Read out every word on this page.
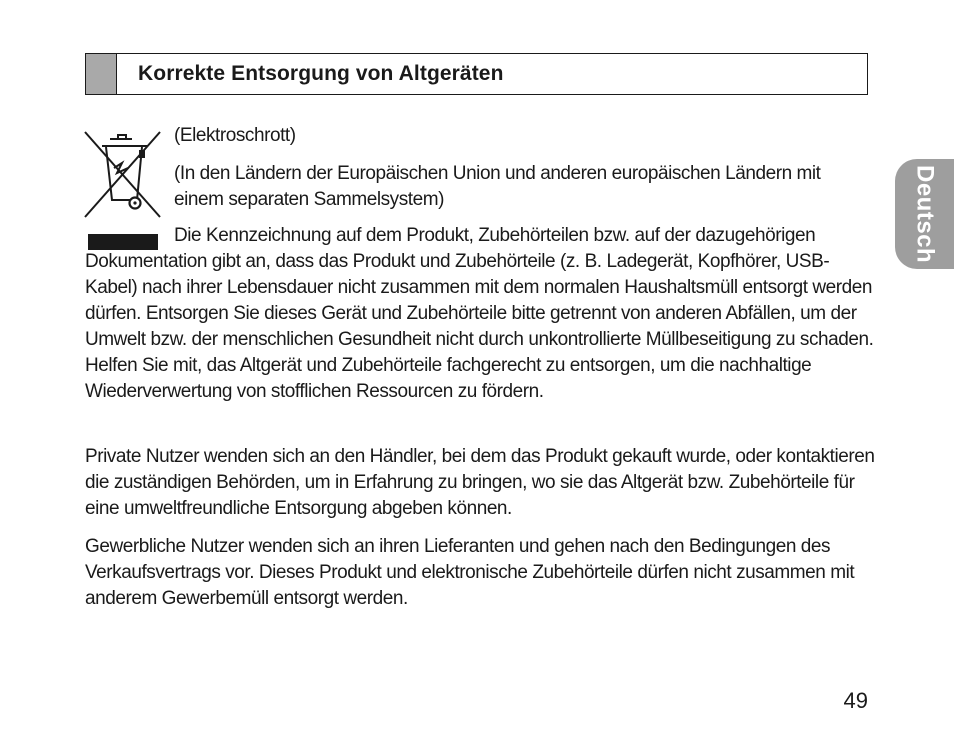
Korrekte Entsorgung von Altgeräten
Deutsch

(Elektroschrott)

(In den Ländern der Europäischen Union und anderen europäischen Ländern mit einem separaten Sammelsystem)

Die Kennzeichnung auf dem Produkt, Zubehörteilen bzw. auf der dazugehörigen Dokumentation gibt an, dass das Produkt und Zubehörteile (z. B. Ladegerät, Kopfhörer, USB-Kabel) nach ihrer Lebensdauer nicht zusammen mit dem normalen Haushaltsmüll entsorgt werden dürfen. Entsorgen Sie dieses Gerät und Zubehörteile bitte getrennt von anderen Abfällen, um der Umwelt bzw. der menschlichen Gesundheit nicht durch unkontrollierte Müllbeseitigung zu schaden. Helfen Sie mit, das Altgerät und Zubehörteile fachgerecht zu entsorgen, um die nachhaltige Wiederverwertung von stofflichen Ressourcen zu fördern.

Private Nutzer wenden sich an den Händler, bei dem das Produkt gekauft wurde, oder kontaktieren die zuständigen Behörden, um in Erfahrung zu bringen, wo sie das Altgerät bzw. Zubehörteile für eine umweltfreundliche Entsorgung abgeben können.

Gewerbliche Nutzer wenden sich an ihren Lieferanten und gehen nach den Bedingungen des Verkaufsvertrags vor. Dieses Produkt und elektronische Zubehörteile dürfen nicht zusammen mit anderem Gewerbemüll entsorgt werden.

49
